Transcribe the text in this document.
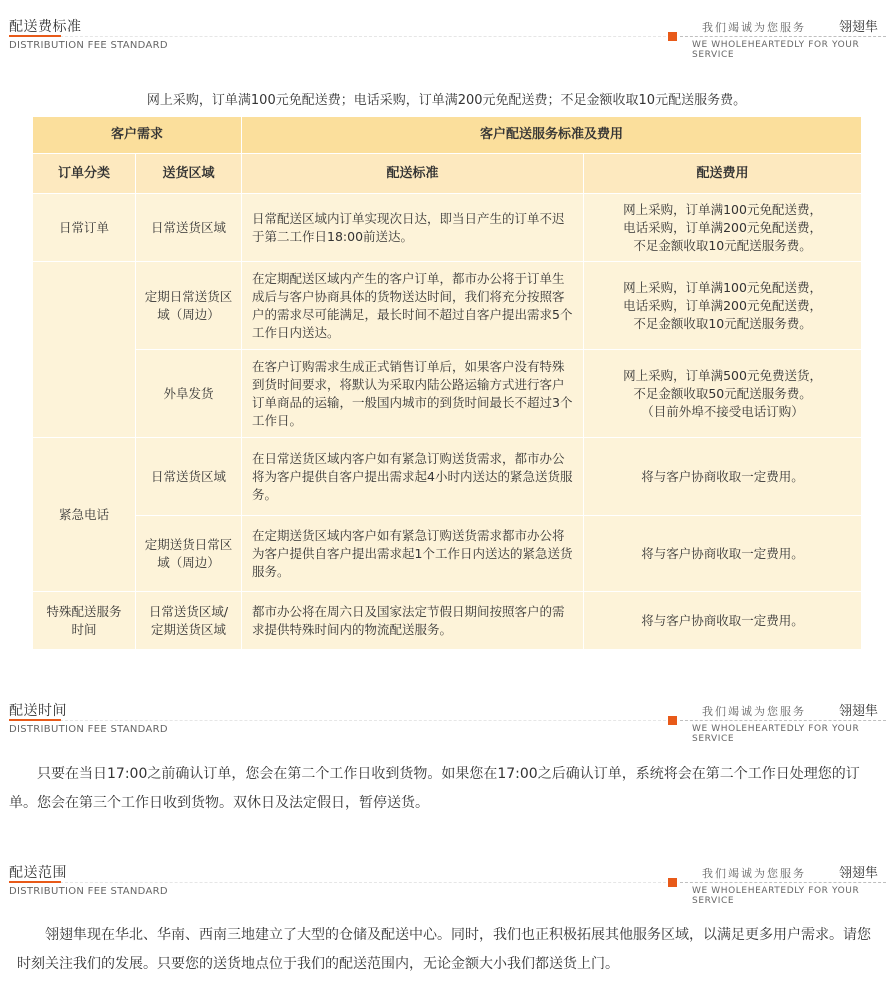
配送费标准
DISTRIBUTION FEE STANDARD
我们竭诚为您服务	翎翅隼
WE WHOLEHEARTEDLY FOR YOUR SERVICE
网上采购，订单满100元免配送费；电话采购，订单满200元免配送费；不足金额收取10元配送服务费。
客户需求		客户配送服务标准及费用	
订单分类	送货区域	配送标准	配送费用
日常订单	日常送货区域	日常配送区域内订单实现次日达，即当日产生的订单不迟于第二工作日18:00前送达。	网上采购，订单满100元免配送费，
电话采购，订单满200元免配送费，
不足金额收取10元配送服务费。

	定期日常送货区域（周边）	在定期配送区域内产生的客户订单，都市办公将于订单生成后与客户协商具体的货物送达时间，我们将充分按照客户的需求尽可能满足，最长时间不超过自客户提出需求5个工作日内送达。	网上采购，订单满100元免配送费，
电话采购，订单满200元免配送费，
不足金额收取10元配送服务费。

	外阜发货	在客户订购需求生成正式销售订单后，如果客户没有特殊到货时间要求，将默认为采取内陆公路运输方式进行客户订单商品的运输，一般国内城市的到货时间最长不超过3个工作日。	网上采购，订单满500元免费送货，
不足金额收取50元配送服务费。
（目前外埠不接受电话订购）

紧急电话	日常送货区域	在日常送货区域内客户如有紧急订购送货需求，都市办公将为客户提供自客户提出需求起4小时内送达的紧急送货服务。	将与客户协商收取一定费用。
	定期送货日常区域（周边）	在定期送货区域内客户如有紧急订购送货需求都市办公将为客户提供自客户提出需求起1个工作日内送达的紧急送货服务。	将与客户协商收取一定费用。
特殊配送服务时间	日常送货区域/定期送货区域	都市办公将在周六日及国家法定节假日期间按照客户的需求提供特殊时间内的物流配送服务。	将与客户协商收取一定费用。
配送时间
DISTRIBUTION FEE STANDARD
我们竭诚为您服务	翎翅隼
WE WHOLEHEARTEDLY FOR YOUR SERVICE
只要在当日17:00之前确认订单，您会在第二个工作日收到货物。如果您在17:00之后确认订单，系统将会在第二个工作日处理您的订单。您会在第三个工作日收到货物。双休日及法定假日，暂停送货。
配送范围
DISTRIBUTION FEE STANDARD
我们竭诚为您服务	翎翅隼
WE WHOLEHEARTEDLY FOR YOUR SERVICE
翎翅隼现在华北、华南、西南三地建立了大型的仓储及配送中心。同时，我们也正积极拓展其他服务区域，以满足更多用户需求。请您时刻关注我们的发展。只要您的送货地点位于我们的配送范围内，无论金额大小我们都送货上门。
